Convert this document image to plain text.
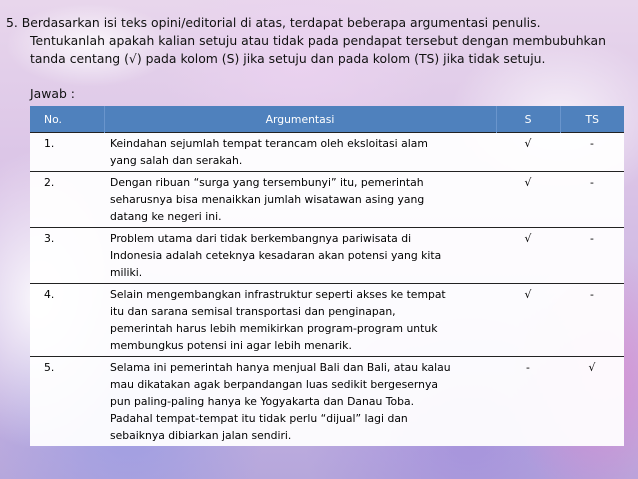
5. Berdasarkan isi teks opini/editorial di atas, terdapat beberapa argumentasi penulis.
Tentukanlah apakah kalian setuju atau tidak pada pendapat tersebut dengan membubuhkan
tanda centang (√) pada kolom (S) jika setuju dan pada kolom (TS) jika tidak setuju.
Jawab :
No.	Argumentasi	S	TS
1.	Keindahan sejumlah tempat terancam oleh eksloitasi alam
yang salah dan serakah.	√	-
2.	Dengan ribuan “surga yang tersembunyi” itu, pemerintah
seharusnya bisa menaikkan jumlah wisatawan asing yang
datang ke negeri ini.	√	-
3.	Problem utama dari tidak berkembangnya pariwisata di
Indonesia adalah ceteknya kesadaran akan potensi yang kita
miliki.	√	-
4.	Selain mengembangkan infrastruktur seperti akses ke tempat
itu dan sarana semisal transportasi dan penginapan,
pemerintah harus lebih memikirkan program-program untuk
membungkus potensi ini agar lebih menarik.	√	-
5.	Selama ini pemerintah hanya menjual Bali dan Bali, atau kalau
mau dikatakan agak berpandangan luas sedikit bergesernya
pun paling-paling hanya ke Yogyakarta dan Danau Toba.
Padahal tempat-tempat itu tidak perlu “dijual” lagi dan
sebaiknya dibiarkan jalan sendiri.	-	√
